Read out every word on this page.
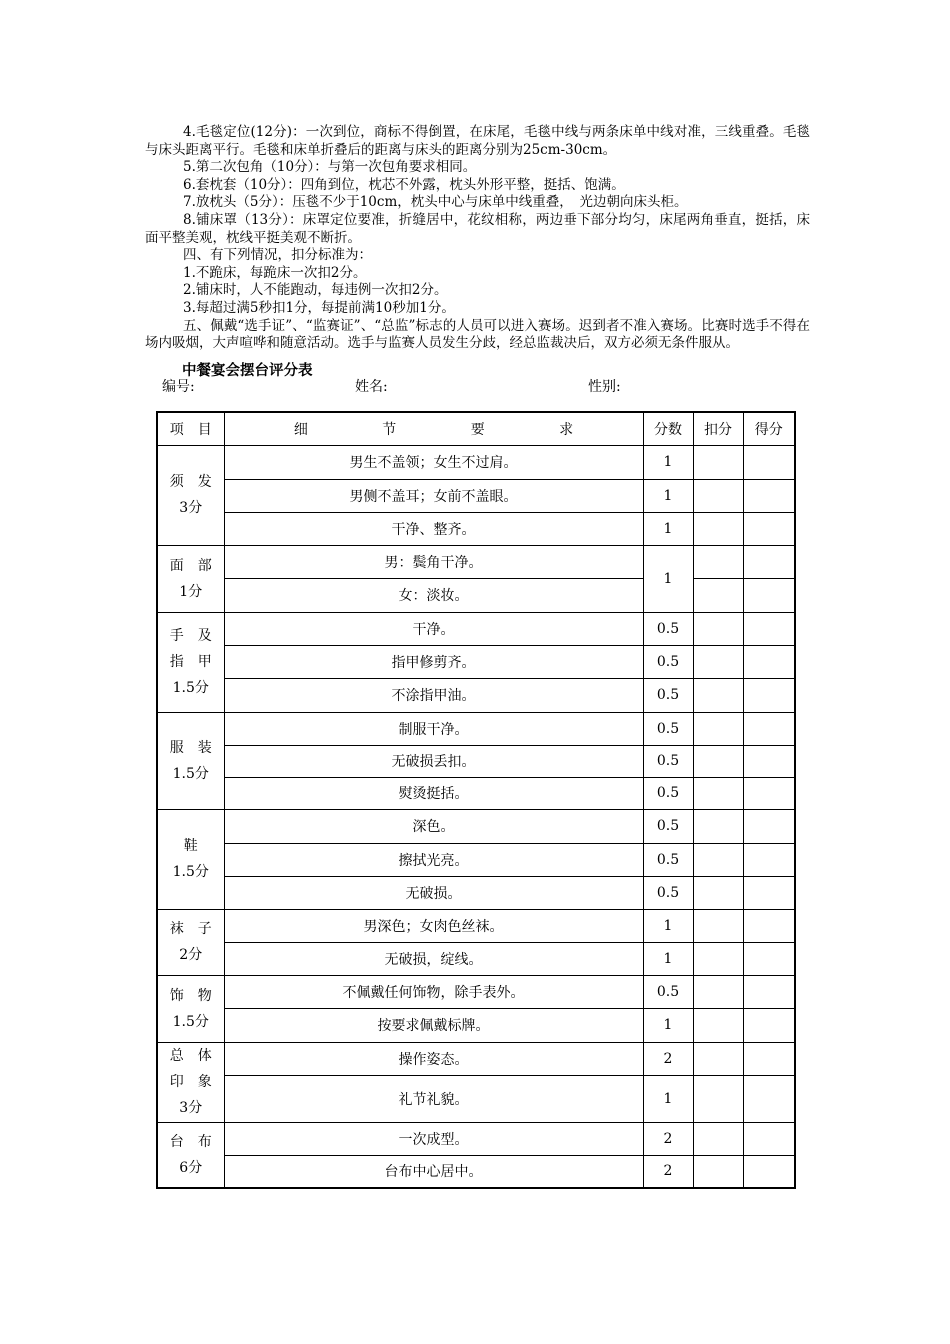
4.毛毯定位(12分)：一次到位，商标不得倒置，在床尾，毛毯中线与两条床单中线对准，三线重叠。毛毯与床头距离平行。毛毯和床单折叠后的距离与床头的距离分别为25cm-30cm。

5.第二次包角（10分）：与第一次包角要求相同。

6.套枕套（10分）：四角到位，枕芯不外露，枕头外形平整，挺括、饱满。

7.放枕头（5分）：压毯不少于10cm，枕头中心与床单中线重叠，　光边朝向床头柜。

8.铺床罩（13分）：床罩定位要准，折缝居中，花纹相称，两边垂下部分均匀，床尾两角垂直，挺括，床面平整美观，枕线平挺美观不断折。

四、有下列情况，扣分标准为：

1.不跪床，每跪床一次扣2分。

2.铺床时，人不能跑动，每违例一次扣2分。

3.每超过满5秒扣1分，每提前满10秒加1分。

五、佩戴“选手证”、“监赛证”、“总监”标志的人员可以进入赛场。迟到者不准入赛场。比赛时选手不得在场内吸烟，大声喧哗和随意活动。选手与监赛人员发生分歧，经总监裁决后，双方必须无条件服从。

中餐宴会摆台评分表
编号:	姓名:	性别:
项　目	细 节 要 求	分数	扣分	得分

须　发
3分	男生不盖领；女生不过肩。	1		
	男侧不盖耳；女前不盖眼。	1		
	干净、整齐。	1		

面　部
1分	男：鬓角干净。	1		
	女：淡妆。			

手　及
指　甲
1.5分	干净。	0.5		
	指甲修剪齐。	0.5		
	不涂指甲油。	0.5		

服　装
1.5分	制服干净。	0.5		
	无破损丢扣。	0.5		
	熨烫挺括。	0.5		

鞋
1.5分	深色。	0.5		
	擦拭光亮。	0.5		
	无破损。	0.5		

袜　子
2分	男深色；女肉色丝袜。	1		
	无破损，绽线。	1		

饰　物
1.5分	不佩戴任何饰物，除手表外。	0.5		
	按要求佩戴标牌。	1		

总　体
印　象
3分	操作姿态。	2		
	礼节礼貌。	1		

台　布
6分	一次成型。	2		
	台布中心居中。	2		
